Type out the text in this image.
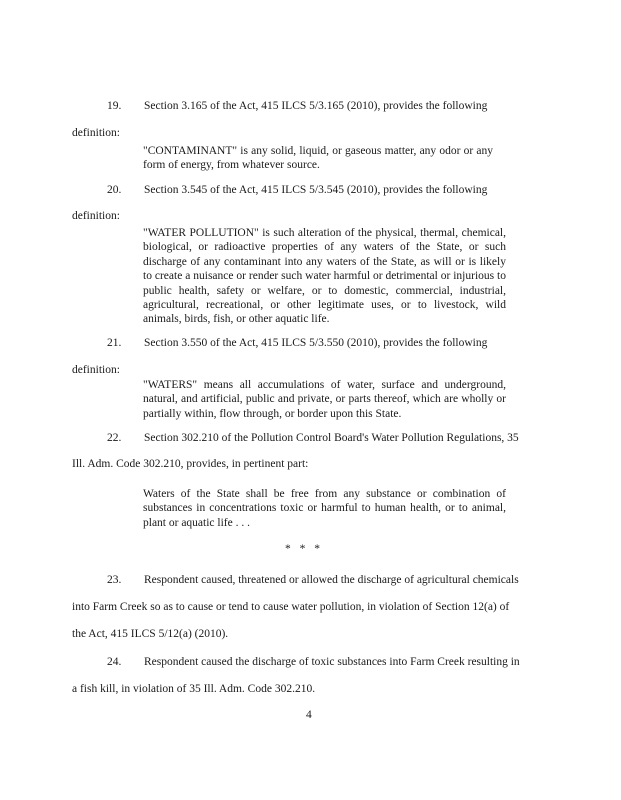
19. Section 3.165 of the Act, 415 ILCS 5/3.165 (2010), provides the following
definition:
"CONTAMINANT" is any solid, liquid, or gaseous matter, any odor or any form of energy, from whatever source.
20. Section 3.545 of the Act, 415 ILCS 5/3.545 (2010), provides the following
definition:
"WATER POLLUTION" is such alteration of the physical, thermal, chemical, biological, or radioactive properties of any waters of the State, or such discharge of any contaminant into any waters of the State, as will or is likely to create a nuisance or render such water harmful or detrimental or injurious to public health, safety or welfare, or to domestic, commercial, industrial, agricultural, recreational, or other legitimate uses, or to livestock, wild animals, birds, fish, or other aquatic life.
21. Section 3.550 of the Act, 415 ILCS 5/3.550 (2010), provides the following
definition:
"WATERS" means all accumulations of water, surface and underground, natural, and artificial, public and private, or parts thereof, which are wholly or partially within, flow through, or border upon this State.
22. Section 302.210 of the Pollution Control Board's Water Pollution Regulations, 35
Ill. Adm. Code 302.210, provides, in pertinent part:
Waters of the State shall be free from any substance or combination of substances in concentrations toxic or harmful to human health, or to animal, plant or aquatic life . . .
* * *
23. Respondent caused, threatened or allowed the discharge of agricultural chemicals
into Farm Creek so as to cause or tend to cause water pollution, in violation of Section 12(a) of
the Act, 415 ILCS 5/12(a) (2010).
24. Respondent caused the discharge of toxic substances into Farm Creek resulting in
a fish kill, in violation of 35 Ill. Adm. Code 302.210.
4
